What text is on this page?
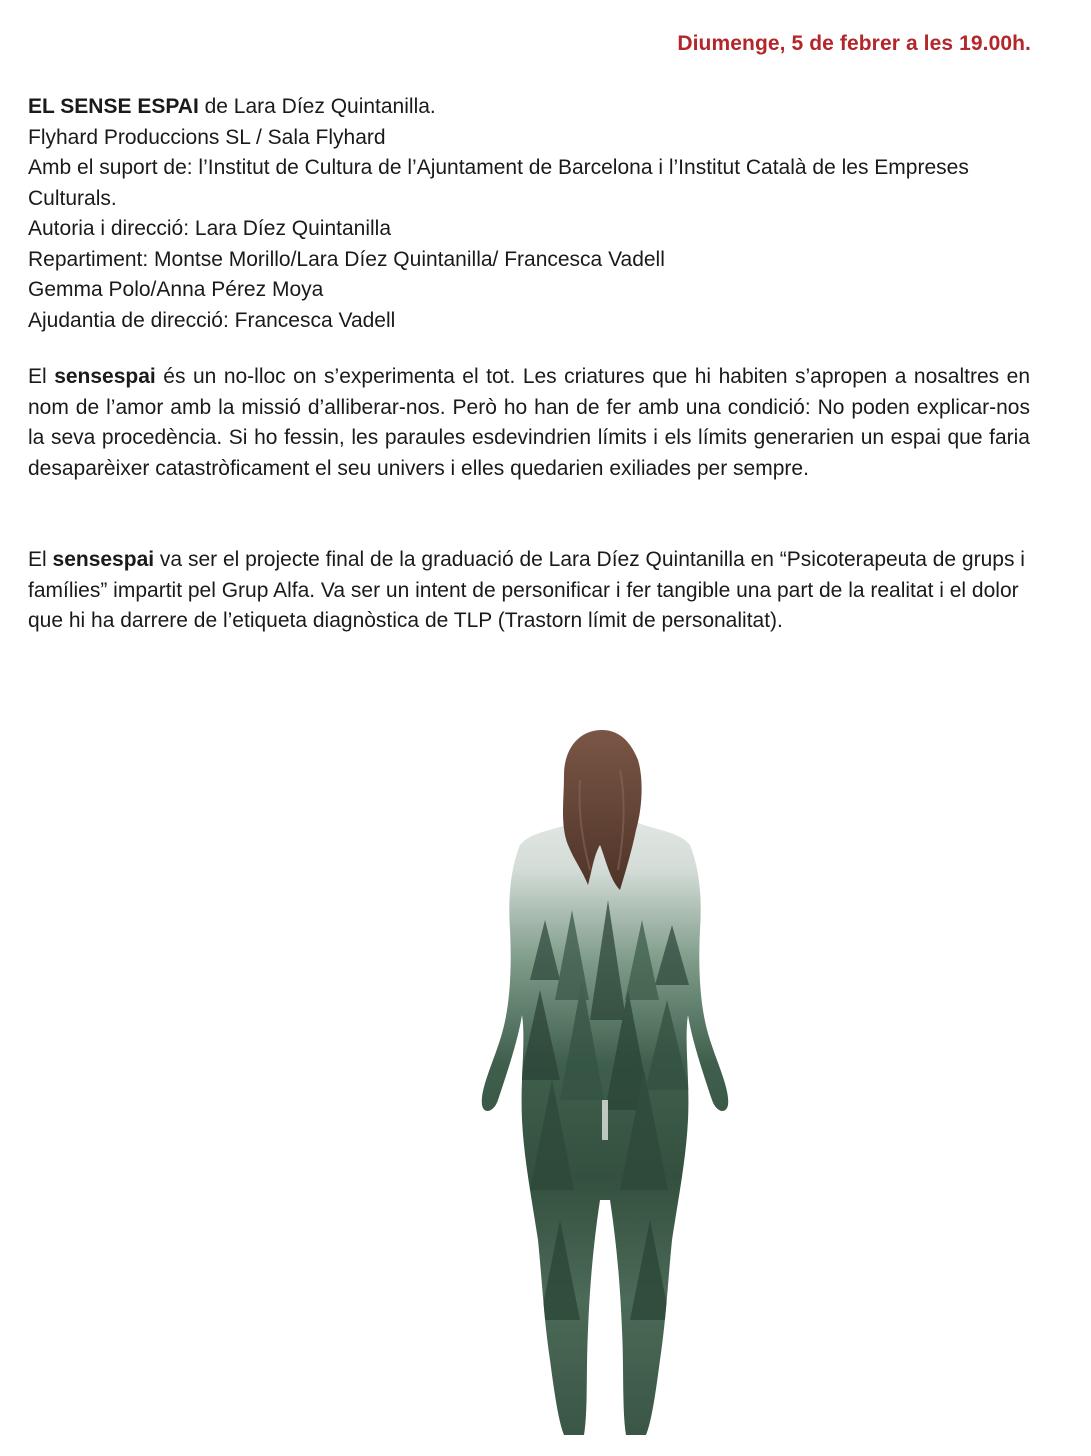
Diumenge, 5 de febrer a les 19.00h.
EL SENSE ESPAI de Lara Díez Quintanilla.
Flyhard Produccions SL / Sala Flyhard
Amb el suport de: l’Institut de Cultura de l’Ajuntament de Barcelona i l’Institut Català de les Empreses Culturals.
Autoria i direcció: Lara Díez Quintanilla
Repartiment: Montse Morillo/Lara Díez Quintanilla/ Francesca Vadell
Gemma Polo/Anna Pérez Moya
Ajudantia de direcció: Francesca Vadell
El sensespai és un no-lloc on s’experimenta el tot. Les criatures que hi habiten s’apropen a nosaltres en nom de l’amor amb la missió d’alliberar-nos. Però ho han de fer amb una condició: No poden explicar-nos la seva procedència. Si ho fessin, les paraules esdevindrien límits i els límits generarien un espai que faria desaparèixer catastròficament el seu univers i elles quedarien exiliades per sempre.
El sensespai va ser el projecte final de la graduació de Lara Díez Quintanilla en “Psicoterapeuta de grups i famílies” impartit pel Grup Alfa. Va ser un intent de personificar i fer tangible una part de la realitat i el dolor que hi ha darrere de l’etiqueta diagnòstica de TLP (Trastorn límit de personalitat).
